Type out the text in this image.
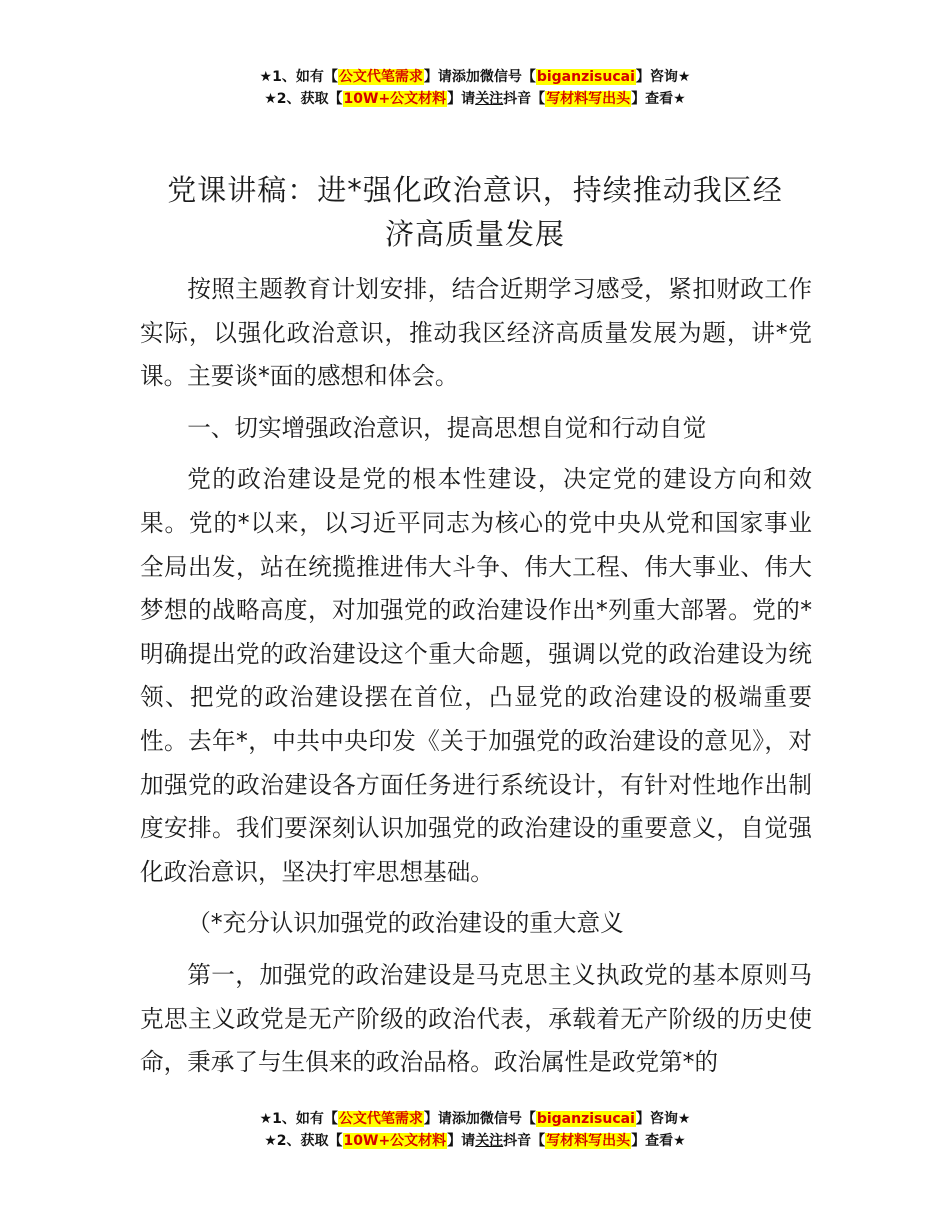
★1、如有【公文代笔需求】请添加微信号【biganzisucai】咨询★
★2、获取【10W+公文材料】请关注抖音【写材料写出头】查看★
党课讲稿：进*强化政治意识，持续推动我区经
济高质量发展

按照主题教育计划安排，结合近期学习感受，紧扣财政工作实际，以强化政治意识，推动我区经济高质量发展为题，讲*党课。主要谈*面的感想和体会。

一、切实增强政治意识，提高思想自觉和行动自觉

党的政治建设是党的根本性建设，决定党的建设方向和效果。党的*以来，以习近平同志为核心的党中央从党和国家事业全局出发，站在统揽推进伟大斗争、伟大工程、伟大事业、伟大梦想的战略高度，对加强党的政治建设作出*列重大部署。党的*明确提出党的政治建设这个重大命题，强调以党的政治建设为统领、把党的政治建设摆在首位，凸显党的政治建设的极端重要性。去年*，中共中央印发《关于加强党的政治建设的意见》，对加强党的政治建设各方面任务进行系统设计，有针对性地作出制度安排。我们要深刻认识加强党的政治建设的重要意义，自觉强化政治意识，坚决打牢思想基础。

（*充分认识加强党的政治建设的重大意义

第一，加强党的政治建设是马克思主义执政党的基本原则马克思主义政党是无产阶级的政治代表，承载着无产阶级的历史使命，秉承了与生俱来的政治品格。政治属性是政党第*的

★1、如有【公文代笔需求】请添加微信号【biganzisucai】咨询★
★2、获取【10W+公文材料】请关注抖音【写材料写出头】查看★
